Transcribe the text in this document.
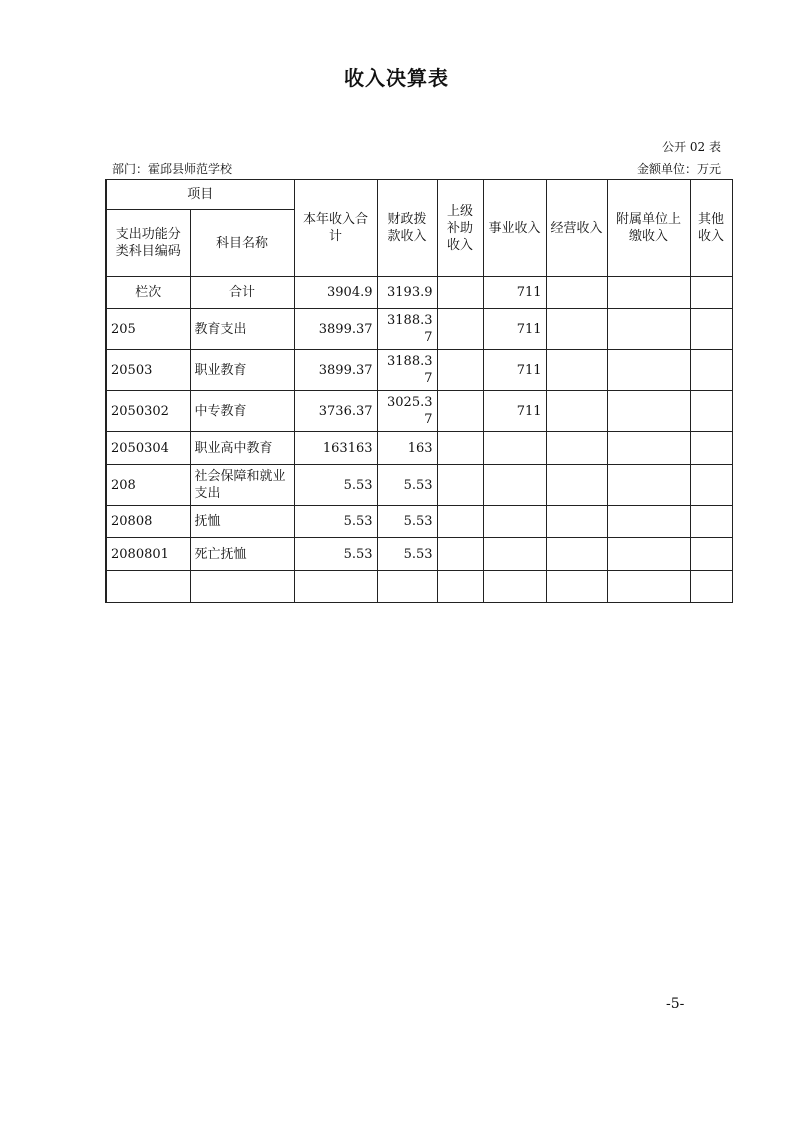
收入决算表
公开 02 表
部门：霍邱县师范学校	金额单位：万元
项目		本年收入合计	财政拨款收入	上级补助收入	事业收入	经营收入	附属单位上缴收入	其他收入
支出功能分类科目编码	科目名称							
栏次	合计	3904.9	3193.9		711			
205	教育支出	3899.37	3188.37		711			
20503	职业教育	3899.37	3188.37		711			
2050302	中专教育	3736.37	3025.37		711			
2050304	职业高中教育	163163	163					
208	社会保障和就业支出	5.53	5.53					
20808	抚恤	5.53	5.53					
2080801	死亡抚恤	5.53	5.53					

-5-
